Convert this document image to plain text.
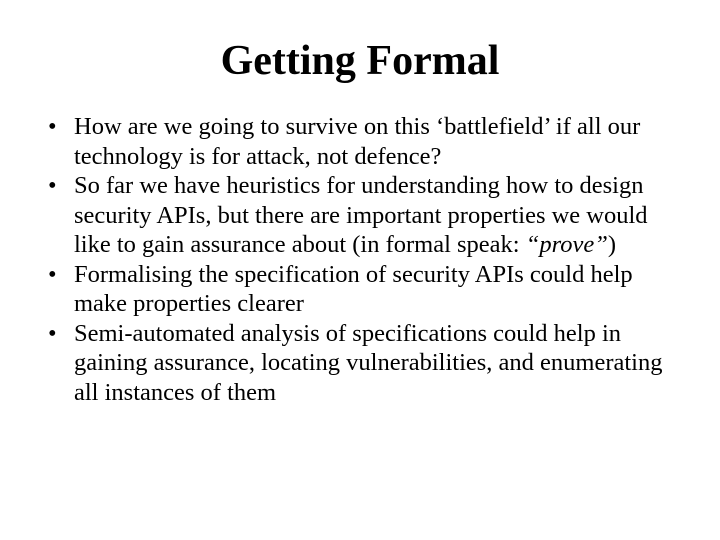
Getting Formal
• How are we going to survive on this ‘battlefield’ if all our technology is for attack, not defence?
• So far we have heuristics for understanding how to design security APIs, but there are important properties we would like to gain assurance about (in formal speak: “prove”)
• Formalising the specification of security APIs could help make properties clearer
• Semi-automated analysis of specifications could help in gaining assurance, locating vulnerabilities, and enumerating all instances of them
